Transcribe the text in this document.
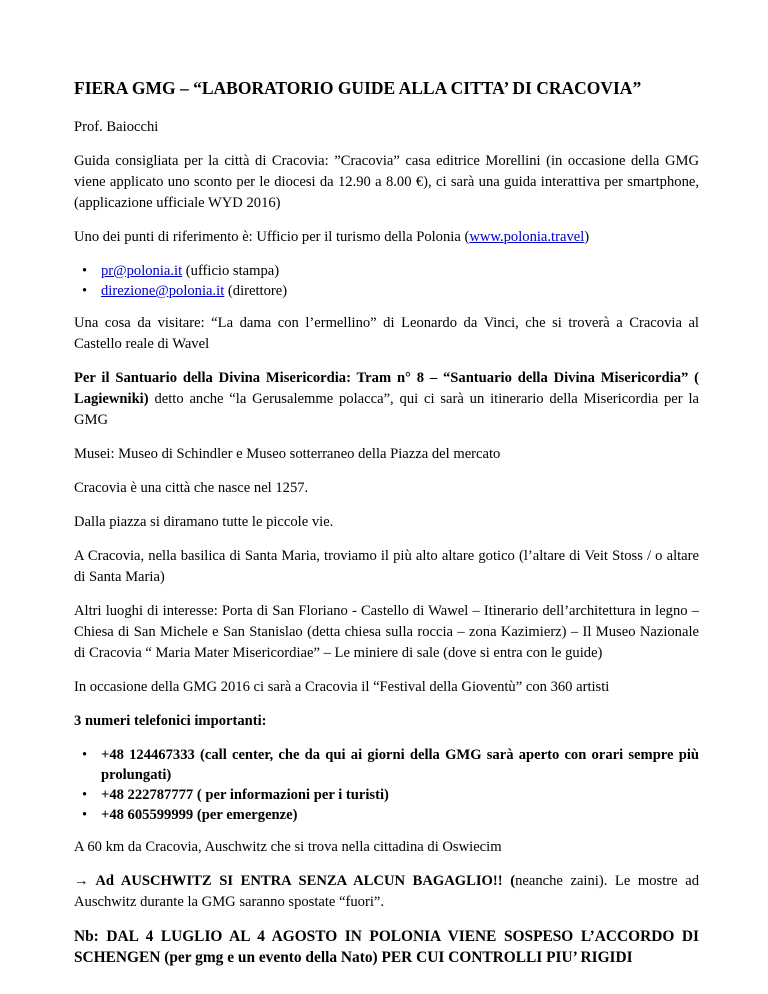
FIERA GMG – “LABORATORIO GUIDE ALLA CITTA’ DI CRACOVIA”

Prof. Baiocchi

Guida consigliata per la città di Cracovia: ”Cracovia” casa editrice Morellini (in occasione della GMG viene applicato uno sconto per le diocesi da 12.90 a 8.00 €), ci sarà una guida interattiva per smartphone, (applicazione ufficiale WYD 2016)

Uno dei punti di riferimento è: Ufficio per il turismo della Polonia (www.polonia.travel)

• pr@polonia.it (ufficio stampa)
• direzione@polonia.it (direttore)

Una cosa da visitare: “La dama con l’ermellino” di Leonardo da Vinci, che si troverà a Cracovia al Castello reale di Wavel

Per il Santuario della Divina Misericordia: Tram n° 8 – “Santuario della Divina Misericordia” ( Lagiewniki) detto anche “la Gerusalemme polacca”, qui ci sarà un itinerario della Misericordia per la GMG

Musei: Museo di Schindler e Museo sotterraneo della Piazza del mercato

Cracovia è una città che nasce nel 1257.

Dalla piazza si diramano tutte le piccole vie.

A Cracovia, nella basilica di Santa Maria, troviamo il più alto altare gotico (l’altare di Veit Stoss / o altare di Santa Maria)

Altri luoghi di interesse: Porta di San Floriano - Castello di Wawel – Itinerario dell’architettura in legno – Chiesa di San Michele e San Stanislao (detta chiesa sulla roccia – zona Kazimierz) – Il Museo Nazionale di Cracovia “ Maria Mater Misericordiae” – Le miniere di sale (dove si entra con le guide)

In occasione della GMG 2016 ci sarà a Cracovia il “Festival della Gioventù” con 360 artisti

3 numeri telefonici importanti:

• +48 124467333 (call center, che da qui ai giorni della GMG sarà aperto con orari sempre più prolungati)
• +48 222787777 ( per informazioni per i turisti)
• +48 605599999 (per emergenze)

A 60 km da Cracovia, Auschwitz che si trova nella cittadina di Oswiecim

→ Ad AUSCHWITZ SI ENTRA SENZA ALCUN BAGAGLIO!! (neanche zaini). Le mostre ad Auschwitz durante la GMG saranno spostate “fuori”.

Nb: DAL 4 LUGLIO AL 4 AGOSTO IN POLONIA VIENE SOSPESO L’ACCORDO DI SCHENGEN (per gmg e un evento della Nato) PER CUI CONTROLLI PIU’ RIGIDI
